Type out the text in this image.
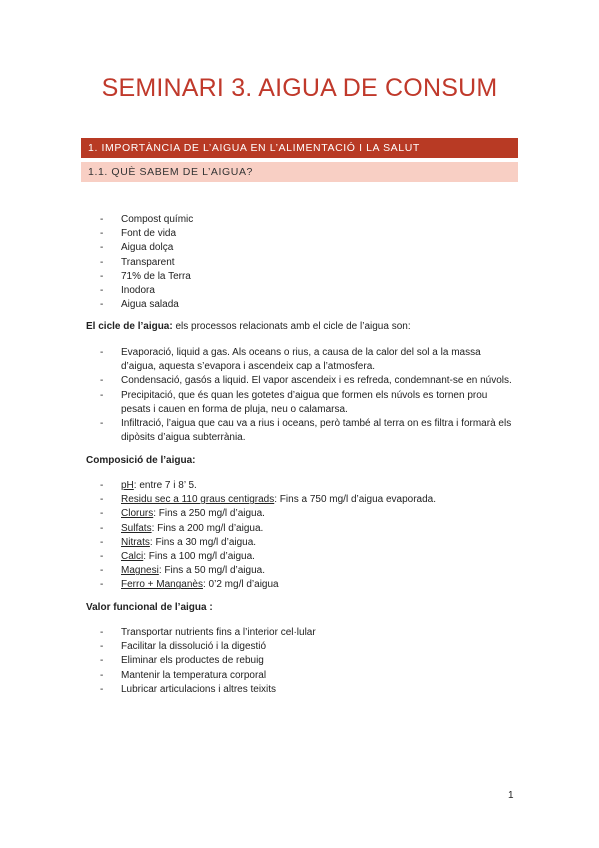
SEMINARI 3. AIGUA DE CONSUM
1. IMPORTÀNCIA DE L’AIGUA EN L’ALIMENTACIÓ I LA SALUT
1.1. QUÈ SABEM DE L’AIGUA?
- Compost químic
- Font de vida
- Aigua dolça
- Transparent
- 71% de la Terra
- Inodora
- Aigua salada
El cicle de l’aigua: els processos relacionats amb el cicle de l’aigua son:
- Evaporació, liquid a gas. Als oceans o rius, a causa de la calor del sol a la massa d’aigua, aquesta s’evapora i ascendeix cap a l’atmosfera.
- Condensació, gasós a liquid. El vapor ascendeix i es refreda, condemnant-se en núvols.
- Precipitació, que és quan les gotetes d’aigua que formen els núvols es tornen prou pesats i cauen en forma de pluja, neu o calamarsa.
- Infiltració, l’aigua que cau va a rius i oceans, però també al terra on es filtra i formarà els dipòsits d’aigua subterrània.
Composició de l’aigua:
- pH: entre 7 i 8’ 5.
- Residu sec a 110 graus centigrads: Fins a 750 mg/l d’aigua evaporada.
- Clorurs: Fins a 250 mg/l d’aigua.
- Sulfats: Fins a 200 mg/l d’aigua.
- Nitrats: Fins a 30 mg/l d’aigua.
- Calci: Fins a 100 mg/l d’aigua.
- Magnesi: Fins a 50 mg/l d’aigua.
- Ferro + Manganès: 0’2 mg/l d’aigua
Valor funcional de l’aigua :
- Transportar nutrients fins a l’interior cel·lular
- Facilitar la dissolució i la digestió
- Eliminar els productes de rebuig
- Mantenir la temperatura corporal
- Lubricar articulacions i altres teixits
1
